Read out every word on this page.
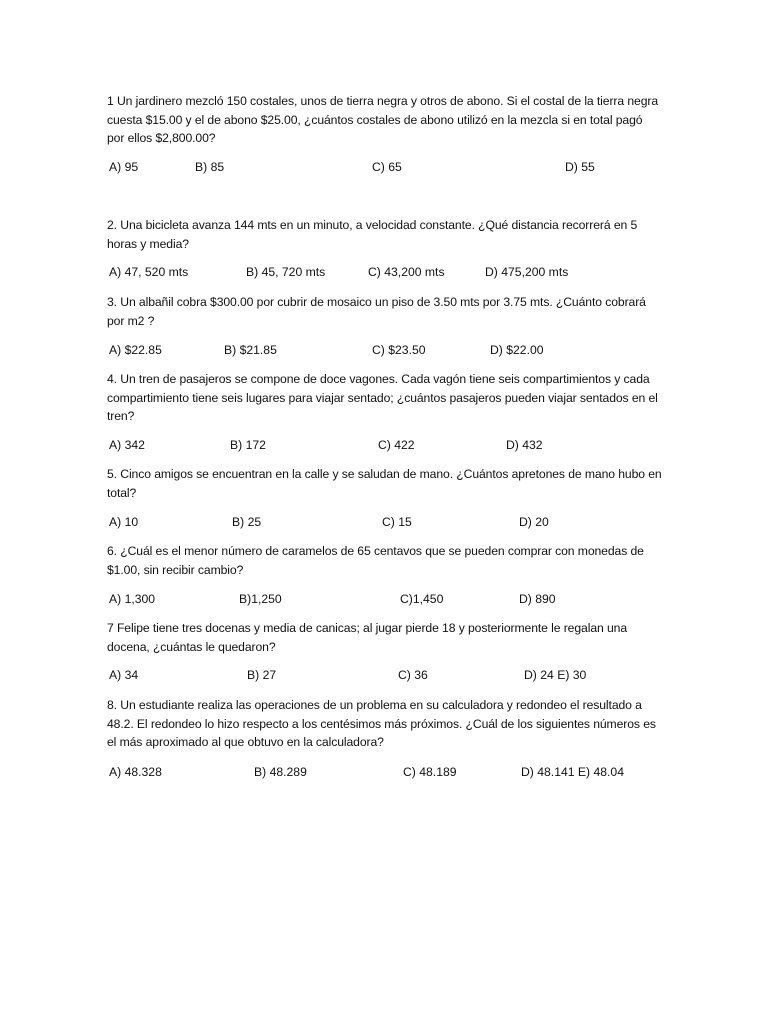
1 Un jardinero mezcló 150 costales, unos de tierra negra y otros de abono. Si el costal de la tierra negra cuesta $15.00 y el de abono $25.00, ¿cuántos costales de abono utilizó en la mezcla si en total pagó por ellos $2,800.00?

A) 95	B) 85	C) 65	D) 55

2. Una bicicleta avanza 144 mts en un minuto, a velocidad constante. ¿Qué distancia recorrerá en 5 horas y media?

A) 47, 520 mts	B) 45, 720 mts	C) 43,200 mts	D) 475,200 mts

3. Un albañil cobra $300.00 por cubrir de mosaico un piso de 3.50 mts por 3.75 mts. ¿Cuánto cobrará por m2 ?

A) $22.85	B) $21.85	C) $23.50	D) $22.00

4. Un tren de pasajeros se compone de doce vagones. Cada vagón tiene seis compartimientos y cada compartimiento tiene seis lugares para viajar sentado; ¿cuántos pasajeros pueden viajar sentados en el tren?

A) 342	B) 172	C) 422	D) 432

5. Cinco amigos se encuentran en la calle y se saludan de mano. ¿Cuántos apretones de mano hubo en total?

A) 10	B) 25	C) 15	D) 20

6. ¿Cuál es el menor número de caramelos de 65 centavos que se pueden comprar con monedas de $1.00, sin recibir cambio?

A) 1,300	B)1,250	C)1,450	D) 890

7 Felipe tiene tres docenas y media de canicas; al jugar pierde 18 y posteriormente le regalan una docena, ¿cuántas le quedaron?

A) 34	B) 27	C) 36	D) 24 E) 30

8. Un estudiante realiza las operaciones de un problema en su calculadora y redondeo el resultado a 48.2. El redondeo lo hizo respecto a los centésimos más próximos. ¿Cuál de los siguientes números es el más aproximado al que obtuvo en la calculadora?

A) 48.328	B) 48.289	C) 48.189	D) 48.141 E) 48.04
